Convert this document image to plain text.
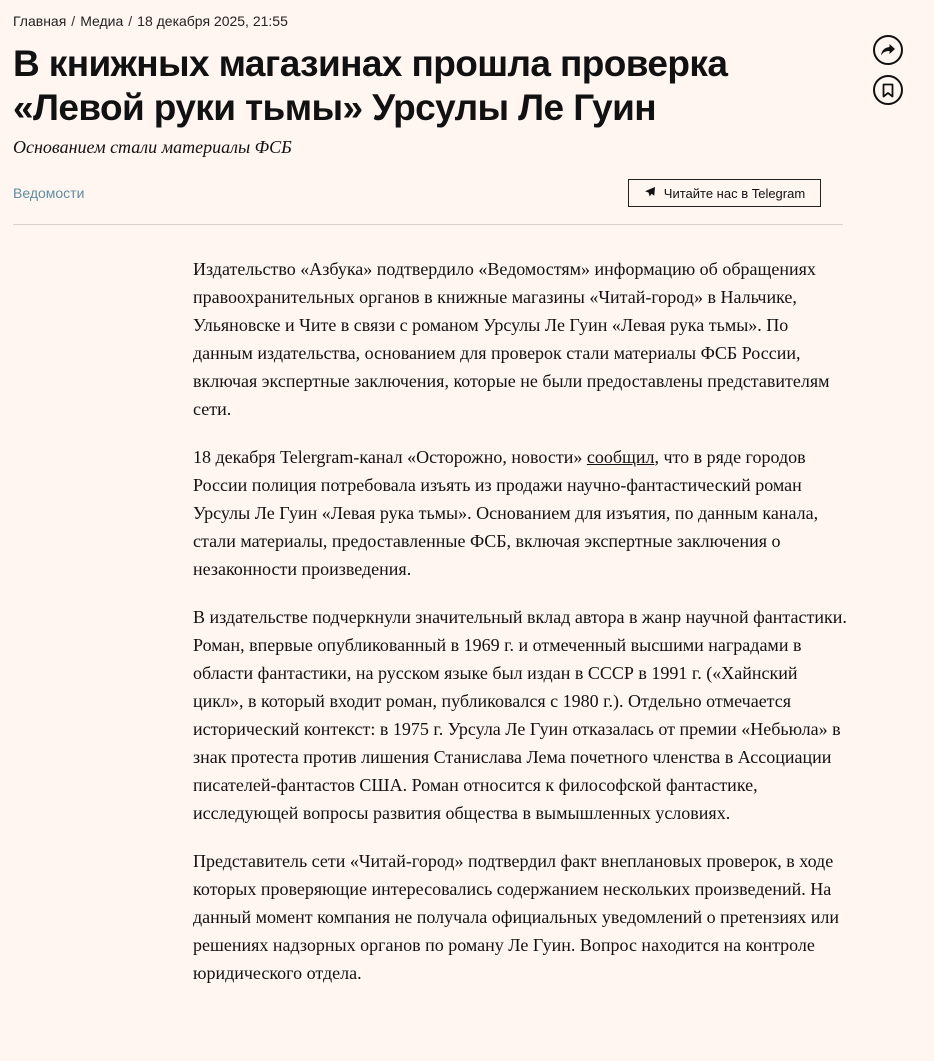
Главная / Медиа / 18 декабря 2025, 21:55
В книжных магазинах прошла проверка «Левой руки тьмы» Урсулы Ле Гуин
Основанием стали материалы ФСБ
Ведомости	Читайте нас в Telegram

Издательство «Азбука» подтвердило «Ведомостям» информацию об обращениях правоохранительных органов в книжные магазины «Читай-город» в Нальчике, Ульяновске и Чите в связи с романом Урсулы Ле Гуин «Левая рука тьмы». По данным издательства, основанием для проверок стали материалы ФСБ России, включая экспертные заключения, которые не были предоставлены представителям сети.

18 декабря Telergram-канал «Осторожно, новости» сообщил, что в ряде городов России полиция потребовала изъять из продажи научно-фантастический роман Урсулы Ле Гуин «Левая рука тьмы». Основанием для изъятия, по данным канала, стали материалы, предоставленные ФСБ, включая экспертные заключения о незаконности произведения.

В издательстве подчеркнули значительный вклад автора в жанр научной фантастики. Роман, впервые опубликованный в 1969 г. и отмеченный высшими наградами в области фантастики, на русском языке был издан в СССР в 1991 г. («Хайнский цикл», в который входит роман, публиковался с 1980 г.). Отдельно отмечается исторический контекст: в 1975 г. Урсула Ле Гуин отказалась от премии «Небьюла» в знак протеста против лишения Станислава Лема почетного членства в Ассоциации писателей-фантастов США. Роман относится к философской фантастике, исследующей вопросы развития общества в вымышленных условиях.

Представитель сети «Читай-город» подтвердил факт внеплановых проверок, в ходе которых проверяющие интересовались содержанием нескольких произведений. На данный момент компания не получала официальных уведомлений о претензиях или решениях надзорных органов по роману Ле Гуин. Вопрос находится на контроле юридического отдела.
